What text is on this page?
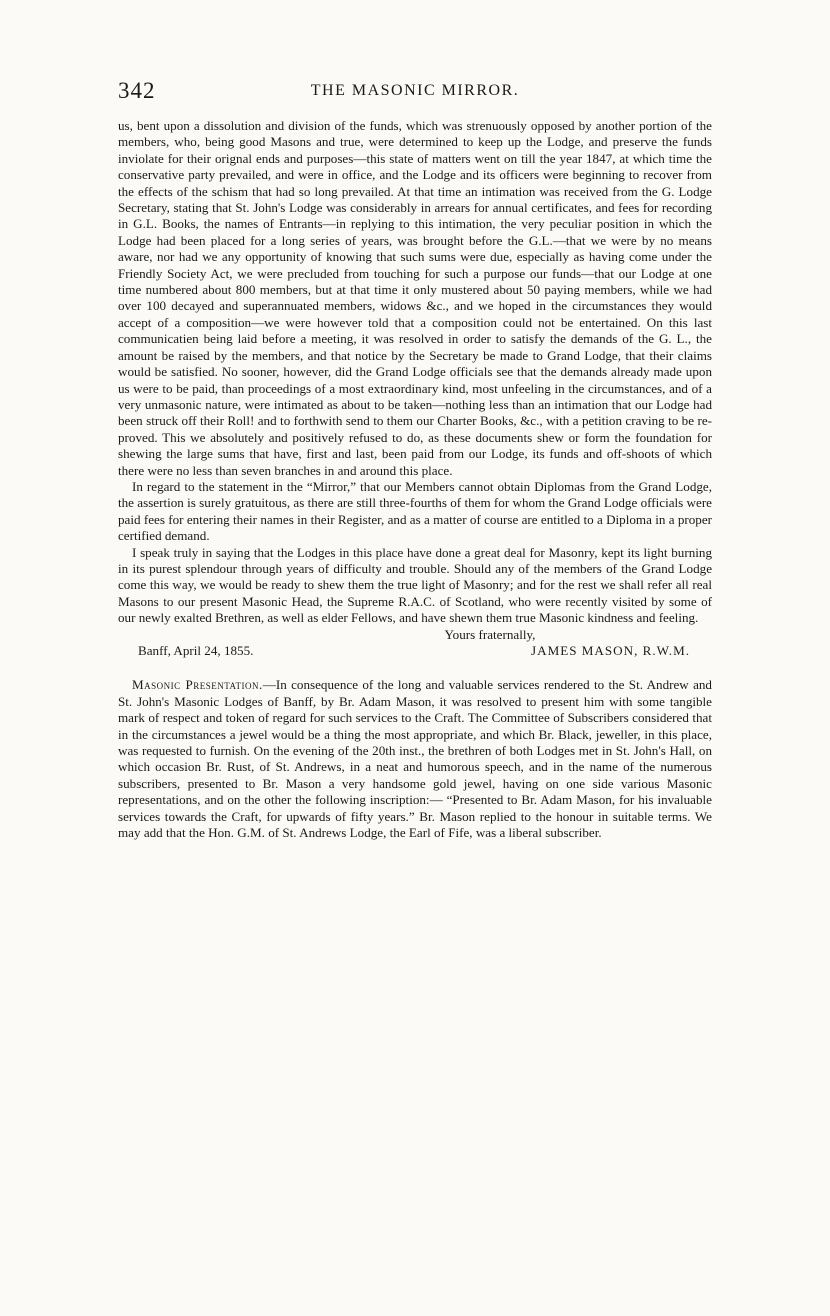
342	THE MASONIC MIRROR.

us, bent upon a dissolution and division of the funds, which was strenuously opposed by another portion of the members, who, being good Masons and true, were determined to keep up the Lodge, and preserve the funds inviolate for their orignal ends and purposes—this state of matters went on till the year 1847, at which time the conservative party prevailed, and were in office, and the Lodge and its officers were beginning to recover from the effects of the schism that had so long prevailed. At that time an intimation was received from the G. Lodge Secretary, stating that St. John's Lodge was considerably in arrears for annual certificates, and fees for recording in G.L. Books, the names of Entrants—in replying to this intimation, the very peculiar position in which the Lodge had been placed for a long series of years, was brought before the G.L.—that we were by no means aware, nor had we any opportunity of knowing that such sums were due, especially as having come under the Friendly Society Act, we were precluded from touching for such a purpose our funds—that our Lodge at one time numbered about 800 members, but at that time it only mustered about 50 paying members, while we had over 100 decayed and superannuated members, widows &c., and we hoped in the circumstances they would accept of a composition—we were however told that a composition could not be entertained. On this last communicatien being laid before a meeting, it was resolved in order to satisfy the demands of the G. L., the amount be raised by the members, and that notice by the Secretary be made to Grand Lodge, that their claims would be satisfied. No sooner, however, did the Grand Lodge officials see that the demands already made upon us were to be paid, than proceedings of a most extraordinary kind, most unfeeling in the circumstances, and of a very unmasonic nature, were intimated as about to be taken—nothing less than an intimation that our Lodge had been struck off their Roll! and to forthwith send to them our Charter Books, &c., with a petition craving to be re-proved. This we absolutely and positively refused to do, as these documents shew or form the foundation for shewing the large sums that have, first and last, been paid from our Lodge, its funds and off-shoots of which there were no less than seven branches in and around this place.

In regard to the statement in the “Mirror,” that our Members cannot obtain Diplomas from the Grand Lodge, the assertion is surely gratuitous, as there are still three-fourths of them for whom the Grand Lodge officials were paid fees for entering their names in their Register, and as a matter of course are entitled to a Diploma in a proper certified demand.

I speak truly in saying that the Lodges in this place have done a great deal for Masonry, kept its light burning in its purest splendour through years of difficulty and trouble. Should any of the members of the Grand Lodge come this way, we would be ready to shew them the true light of Masonry; and for the rest we shall refer all real Masons to our present Masonic Head, the Supreme R.A.C. of Scotland, who were recently visited by some of our newly exalted Brethren, as well as elder Fellows, and have shewn them true Masonic kindness and feeling.

Yours fraternally,
Banff, April 24, 1855.	JAMES MASON, R.W.M.

Masonic Presentation.—In consequence of the long and valuable services rendered to the St. Andrew and St. John's Masonic Lodges of Banff, by Br. Adam Mason, it was resolved to present him with some tangible mark of respect and token of regard for such services to the Craft. The Committee of Subscribers considered that in the circumstances a jewel would be a thing the most appropriate, and which Br. Black, jeweller, in this place, was requested to furnish. On the evening of the 20th inst., the brethren of both Lodges met in St. John's Hall, on which occasion Br. Rust, of St. Andrews, in a neat and humorous speech, and in the name of the numerous subscribers, presented to Br. Mason a very handsome gold jewel, having on one side various Masonic representations, and on the other the following inscription:— “Presented to Br. Adam Mason, for his invaluable services towards the Craft, for upwards of fifty years.” Br. Mason replied to the honour in suitable terms. We may add that the Hon. G.M. of St. Andrews Lodge, the Earl of Fife, was a liberal subscriber.
